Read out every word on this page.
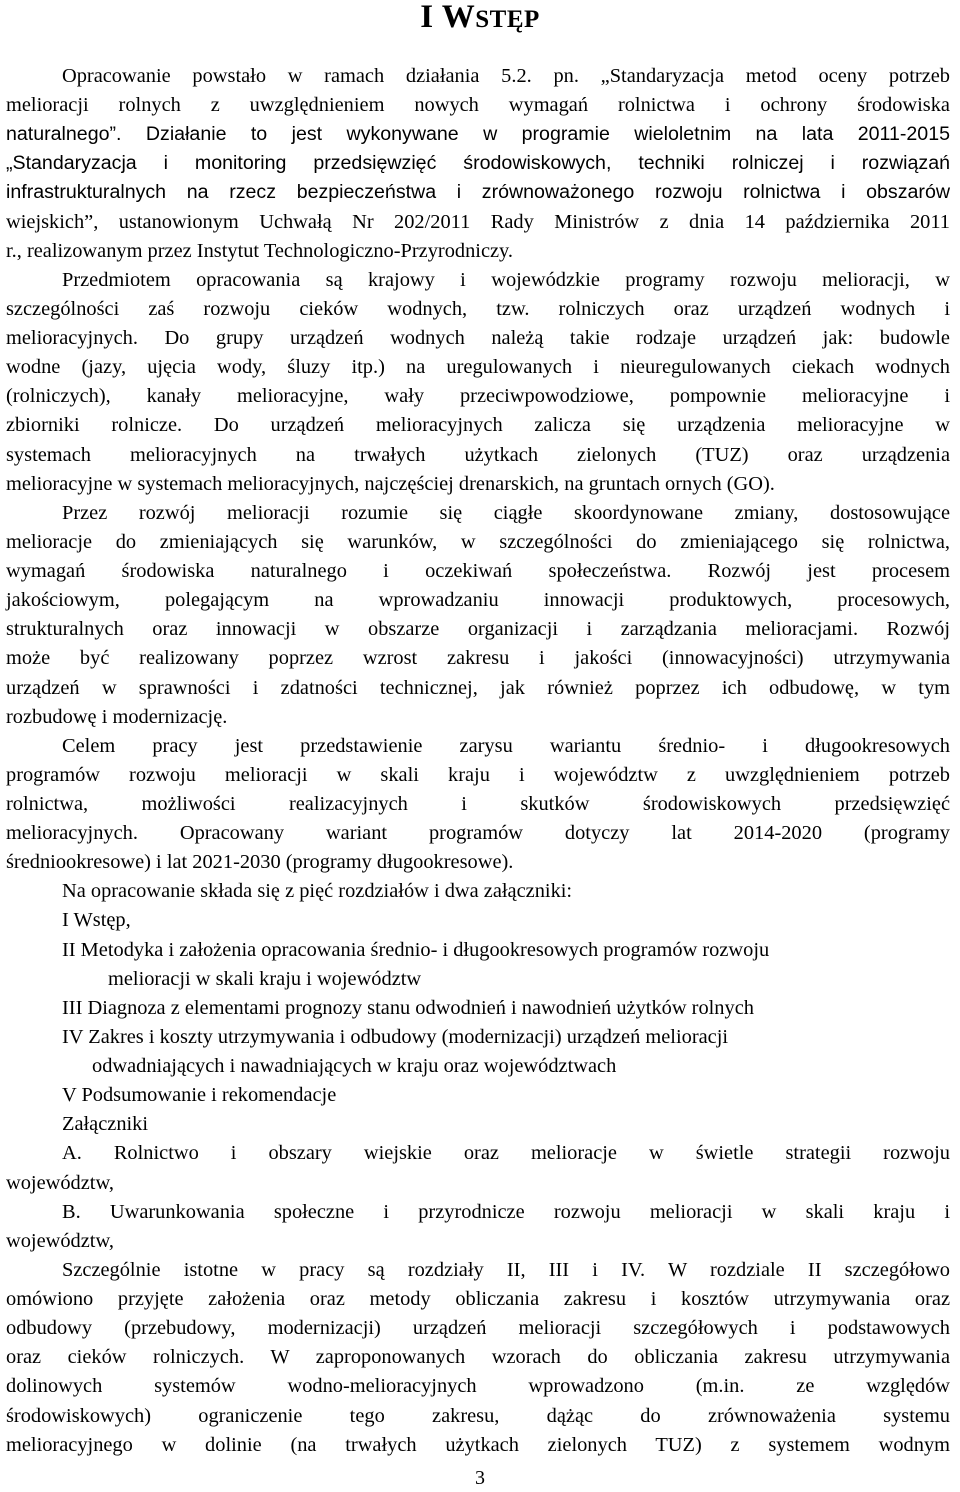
I WSTĘP
Opracowanie powstało w ramach działania 5.2. pn. „Standaryzacja metod oceny potrzeb
melioracji rolnych z uwzględnieniem nowych wymagań rolnictwa i ochrony środowiska
naturalnego”. Działanie to jest wykonywane w programie wieloletnim na lata 2011-2015
„Standaryzacja i monitoring przedsięwzięć środowiskowych, techniki rolniczej i rozwiązań
infrastrukturalnych na rzecz bezpieczeństwa i zrównoważonego rozwoju rolnictwa i obszarów
wiejskich”, ustanowionym Uchwałą Nr 202/2011 Rady Ministrów z dnia 14 października 2011
r., realizowanym przez Instytut Technologiczno-Przyrodniczy.
Przedmiotem opracowania są krajowy i wojewódzkie programy rozwoju melioracji, w
szczególności zaś rozwoju cieków wodnych, tzw. rolniczych oraz urządzeń wodnych i
melioracyjnych. Do grupy urządzeń wodnych należą takie rodzaje urządzeń jak: budowle
wodne (jazy, ujęcia wody, śluzy itp.) na uregulowanych i nieuregulowanych ciekach wodnych
(rolniczych), kanały melioracyjne, wały przeciwpowodziowe, pompownie melioracyjne i
zbiorniki rolnicze. Do urządzeń melioracyjnych zalicza się urządzenia melioracyjne w
systemach melioracyjnych na trwałych użytkach zielonych (TUZ) oraz urządzenia
melioracyjne w systemach melioracyjnych, najczęściej drenarskich, na gruntach ornych (GO).
Przez rozwój melioracji rozumie się ciągłe skoordynowane zmiany, dostosowujące
melioracje do zmieniających się warunków, w szczególności do zmieniającego się rolnictwa,
wymagań środowiska naturalnego i oczekiwań społeczeństwa. Rozwój jest procesem
jakościowym, polegającym na wprowadzaniu innowacji produktowych, procesowych,
strukturalnych oraz innowacji w obszarze organizacji i zarządzania melioracjami. Rozwój
może być realizowany poprzez wzrost zakresu i jakości (innowacyjności) utrzymywania
urządzeń w sprawności i zdatności technicznej, jak również poprzez ich odbudowę, w tym
rozbudowę i modernizację.
Celem pracy jest przedstawienie zarysu wariantu średnio- i długookresowych
programów rozwoju melioracji w skali kraju i województw z uwzględnieniem potrzeb
rolnictwa, możliwości realizacyjnych i skutków środowiskowych przedsięwzięć
melioracyjnych. Opracowany wariant programów dotyczy lat 2014-2020 (programy
średniookresowe) i lat 2021-2030 (programy długookresowe).
Na opracowanie składa się z pięć rozdziałów i dwa załączniki:
I Wstęp,
II Metodyka i założenia opracowania średnio- i długookresowych programów rozwoju
melioracji w skali kraju i województw
III Diagnoza z elementami prognozy stanu odwodnień i nawodnień użytków rolnych
IV Zakres i koszty utrzymywania i odbudowy (modernizacji) urządzeń melioracji
odwadniających i nawadniających w kraju oraz województwach
V Podsumowanie i rekomendacje
Załączniki
A. Rolnictwo i obszary wiejskie oraz melioracje w świetle strategii rozwoju
województw,
B. Uwarunkowania społeczne i przyrodnicze rozwoju melioracji w skali kraju i
województw,
Szczególnie istotne w pracy są rozdziały II, III i IV. W rozdziale II szczegółowo
omówiono przyjęte założenia oraz metody obliczania zakresu i kosztów utrzymywania oraz
odbudowy (przebudowy, modernizacji) urządzeń melioracji szczegółowych i podstawowych
oraz cieków rolniczych. W zaproponowanych wzorach do obliczania zakresu utrzymywania
dolinowych systemów wodno-melioracyjnych wprowadzono (m.in. ze względów
środowiskowych) ograniczenie tego zakresu, dążąc do zrównoważenia systemu
melioracyjnego w dolinie (na trwałych użytkach zielonych TUZ) z systemem wodnym
3
